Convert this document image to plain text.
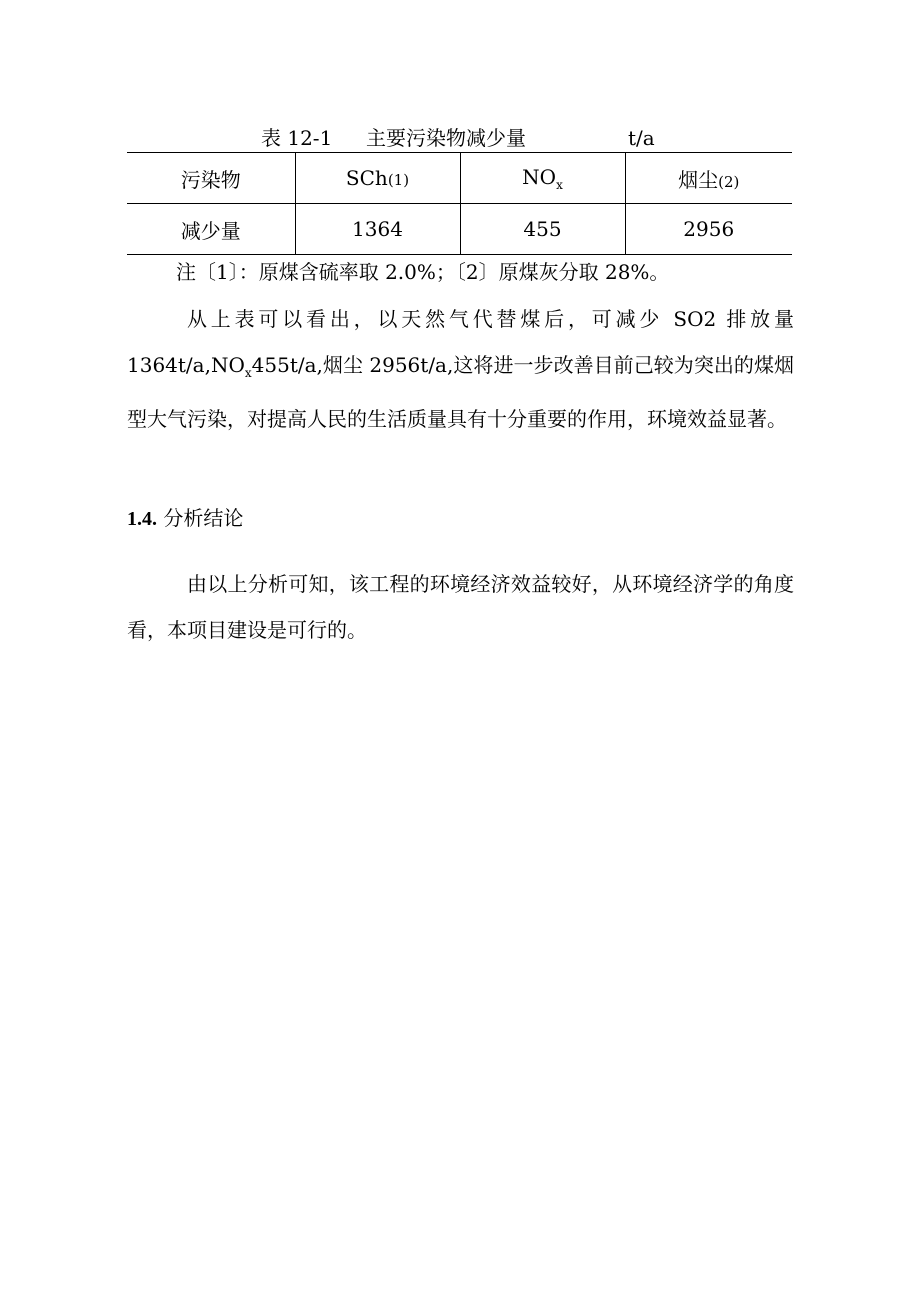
表 12-1 主要污染物减少量	t/a
污染物	SCh(1)	$NO_x$	烟尘(2)
减少量	1364	455	2956
注〔1〕：原煤含硫率取 2.0%；〔2〕原煤灰分取 28%。
从上表可以看出，以天然气代替煤后，可减少 SO2 排放量 $1364t/a,NO_x455t/a$,烟尘 2956t/a,这将进一步改善目前己较为突出的煤烟型大气污染，对提高人民的生活质量具有十分重要的作用，环境效益显著。
1.4. 分析结论
由以上分析可知，该工程的环境经济效益较好，从环境经济学的角度看，本项目建设是可行的。
